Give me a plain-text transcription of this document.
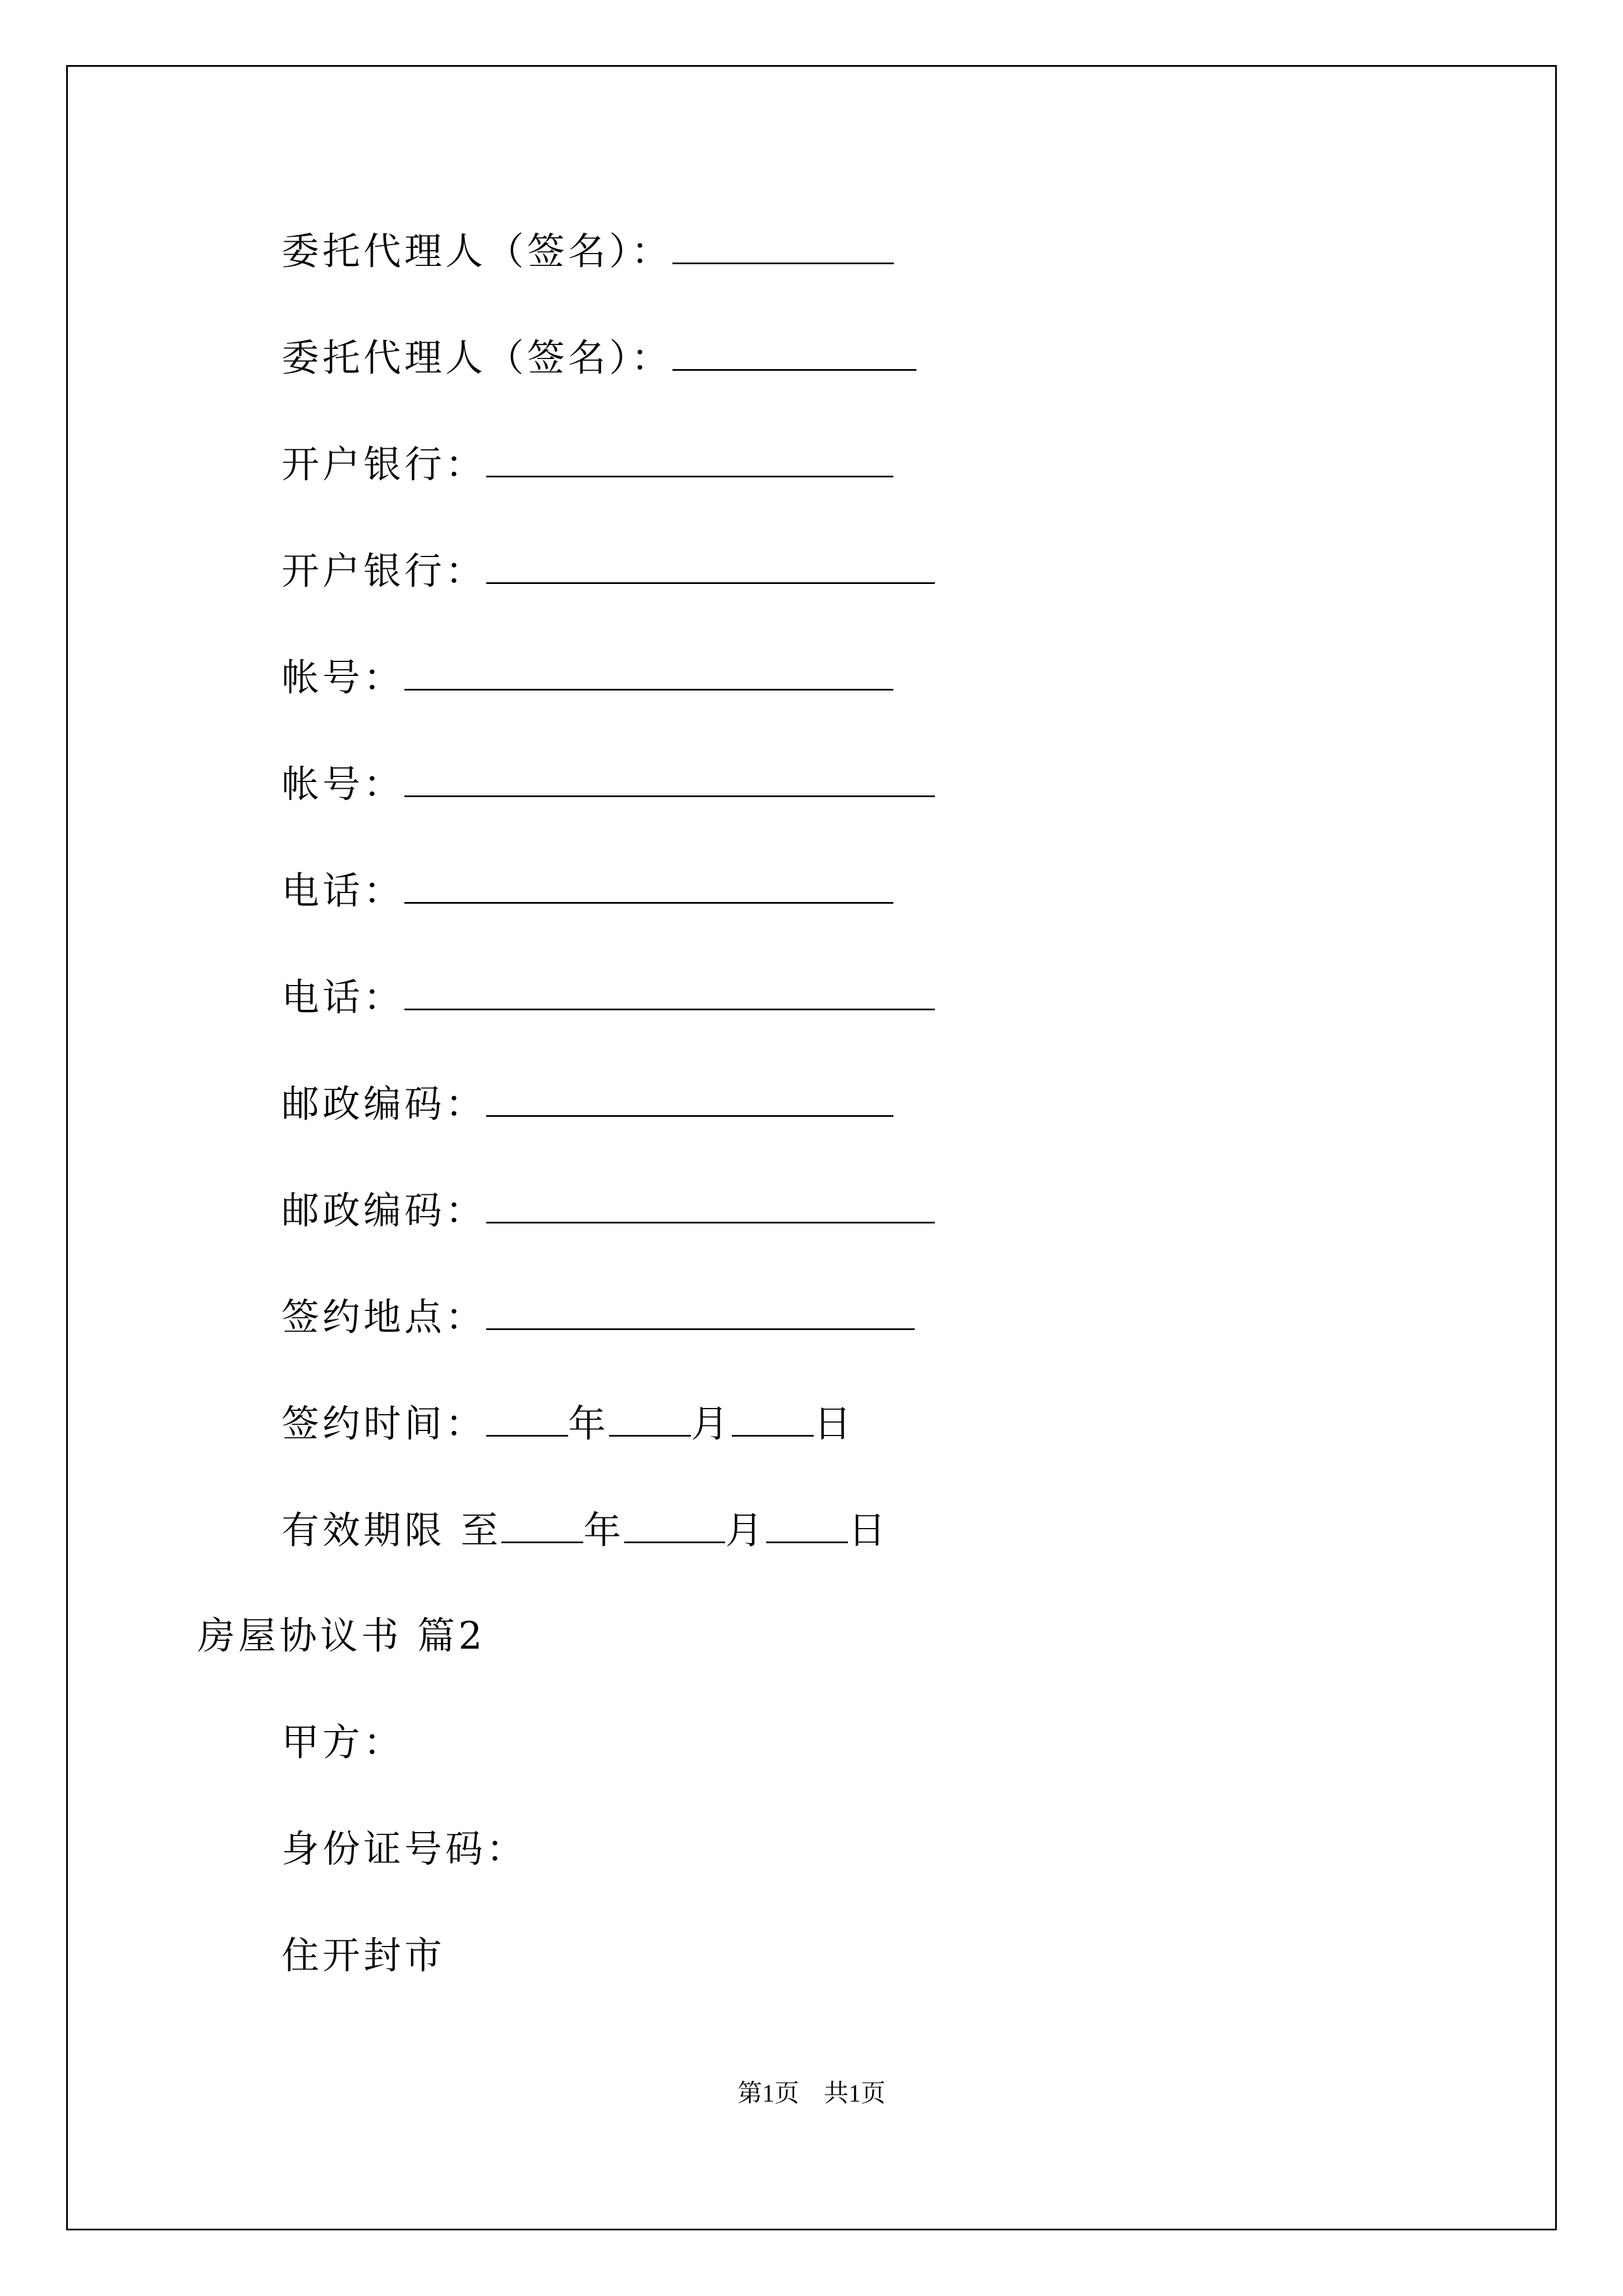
委托代理人（签名）：
委托代理人（签名）：
开户银行：
开户银行：
帐号：
帐号：
电话：
电话：
邮政编码：
邮政编码：
签约地点：
签约时间： 年 月 日
有效期限 至 年	月 日
房屋协议书 篇2
甲方：
身份证号码：
住开封市
第1页　共1页
